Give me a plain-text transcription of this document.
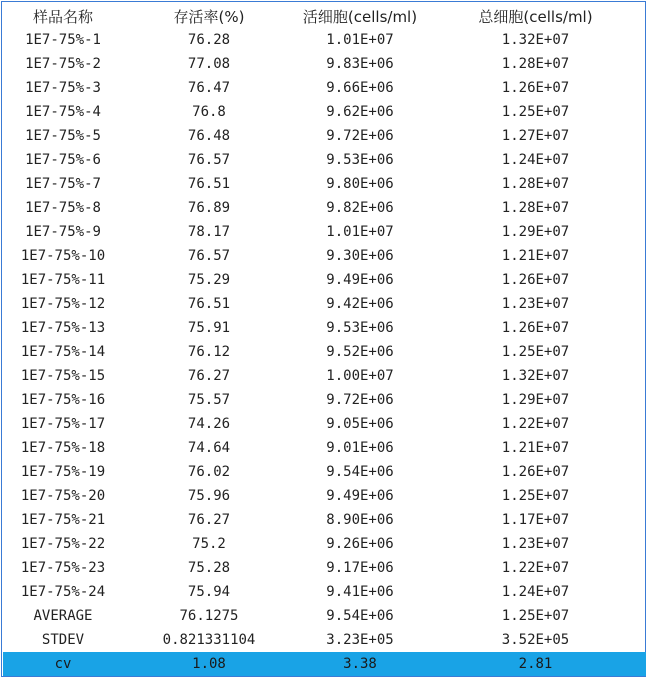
样品名称	存活率(%)	活细胞(cells/ml)	总细胞(cells/ml)
1E7-75%-1	76.28	1.01E+07	1.32E+07
1E7-75%-2	77.08	9.83E+06	1.28E+07
1E7-75%-3	76.47	9.66E+06	1.26E+07
1E7-75%-4	76.8	9.62E+06	1.25E+07
1E7-75%-5	76.48	9.72E+06	1.27E+07
1E7-75%-6	76.57	9.53E+06	1.24E+07
1E7-75%-7	76.51	9.80E+06	1.28E+07
1E7-75%-8	76.89	9.82E+06	1.28E+07
1E7-75%-9	78.17	1.01E+07	1.29E+07
1E7-75%-10	76.57	9.30E+06	1.21E+07
1E7-75%-11	75.29	9.49E+06	1.26E+07
1E7-75%-12	76.51	9.42E+06	1.23E+07
1E7-75%-13	75.91	9.53E+06	1.26E+07
1E7-75%-14	76.12	9.52E+06	1.25E+07
1E7-75%-15	76.27	1.00E+07	1.32E+07
1E7-75%-16	75.57	9.72E+06	1.29E+07
1E7-75%-17	74.26	9.05E+06	1.22E+07
1E7-75%-18	74.64	9.01E+06	1.21E+07
1E7-75%-19	76.02	9.54E+06	1.26E+07
1E7-75%-20	75.96	9.49E+06	1.25E+07
1E7-75%-21	76.27	8.90E+06	1.17E+07
1E7-75%-22	75.2	9.26E+06	1.23E+07
1E7-75%-23	75.28	9.17E+06	1.22E+07
1E7-75%-24	75.94	9.41E+06	1.24E+07
AVERAGE	76.1275	9.54E+06	1.25E+07
STDEV	0.821331104	3.23E+05	3.52E+05
cv	1.08	3.38	2.81
